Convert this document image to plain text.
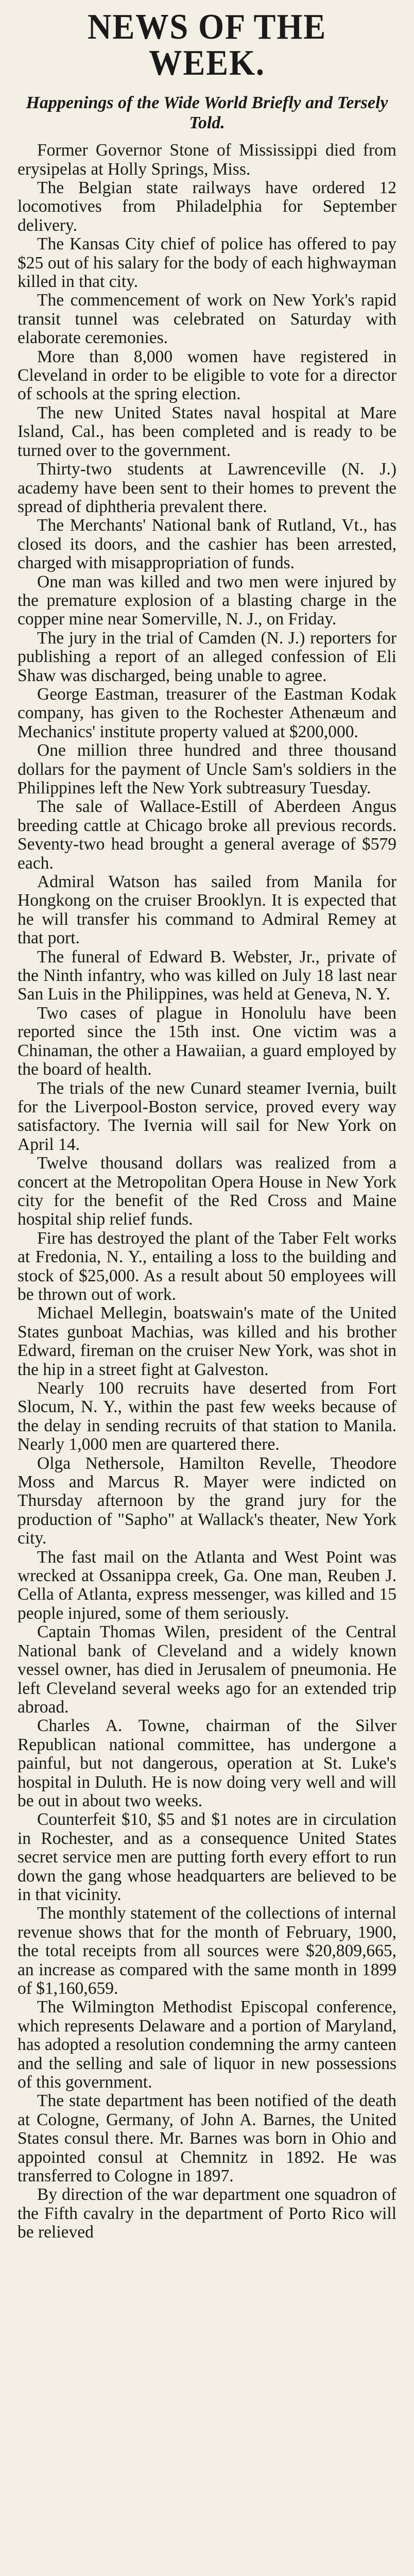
NEWS OF THE WEEK.
Happenings of the Wide World Briefly and Tersely Told.

Former Governor Stone of Mississippi died from erysipelas at Holly Springs, Miss.

The Belgian state railways have ordered 12 locomotives from Philadelphia for September delivery.

The Kansas City chief of police has offered to pay $25 out of his salary for the body of each highwayman killed in that city.

The commencement of work on New York's rapid transit tunnel was celebrated on Saturday with elaborate ceremonies.

More than 8,000 women have registered in Cleveland in order to be eligible to vote for a director of schools at the spring election.

The new United States naval hospital at Mare Island, Cal., has been completed and is ready to be turned over to the government.

Thirty-two students at Lawrenceville (N. J.) academy have been sent to their homes to prevent the spread of diphtheria prevalent there.

The Merchants' National bank of Rutland, Vt., has closed its doors, and the cashier has been arrested, charged with misappropriation of funds.

One man was killed and two men were injured by the premature explosion of a blasting charge in the copper mine near Somerville, N. J., on Friday.

The jury in the trial of Camden (N. J.) reporters for publishing a report of an alleged confession of Eli Shaw was discharged, being unable to agree.

George Eastman, treasurer of the Eastman Kodak company, has given to the Rochester Athenæum and Mechanics' institute property valued at $200,000.

One million three hundred and three thousand dollars for the payment of Uncle Sam's soldiers in the Philippines left the New York subtreasury Tuesday.

The sale of Wallace-Estill of Aberdeen Angus breeding cattle at Chicago broke all previous records. Seventy-two head brought a general average of $579 each.

Admiral Watson has sailed from Manila for Hongkong on the cruiser Brooklyn. It is expected that he will transfer his command to Admiral Remey at that port.

The funeral of Edward B. Webster, Jr., private of the Ninth infantry, who was killed on July 18 last near San Luis in the Philippines, was held at Geneva, N. Y.

Two cases of plague in Honolulu have been reported since the 15th inst. One victim was a Chinaman, the other a Hawaiian, a guard employed by the board of health.

The trials of the new Cunard steamer Ivernia, built for the Liverpool-Boston service, proved every way satisfactory. The Ivernia will sail for New York on April 14.

Twelve thousand dollars was realized from a concert at the Metropolitan Opera House in New York city for the benefit of the Red Cross and Maine hospital ship relief funds.

Fire has destroyed the plant of the Taber Felt works at Fredonia, N. Y., entailing a loss to the building and stock of $25,000. As a result about 50 employees will be thrown out of work.

Michael Mellegin, boatswain's mate of the United States gunboat Machias, was killed and his brother Edward, fireman on the cruiser New York, was shot in the hip in a street fight at Galveston.

Nearly 100 recruits have deserted from Fort Slocum, N. Y., within the past few weeks because of the delay in sending recruits of that station to Manila. Nearly 1,000 men are quartered there.

Olga Nethersole, Hamilton Revelle, Theodore Moss and Marcus R. Mayer were indicted on Thursday afternoon by the grand jury for the production of "Sapho" at Wallack's theater, New York city.

The fast mail on the Atlanta and West Point was wrecked at Ossanippa creek, Ga. One man, Reuben J. Cella of Atlanta, express messenger, was killed and 15 people injured, some of them seriously.

Captain Thomas Wilen, president of the Central National bank of Cleveland and a widely known vessel owner, has died in Jerusalem of pneumonia. He left Cleveland several weeks ago for an extended trip abroad.

Charles A. Towne, chairman of the Silver Republican national committee, has undergone a painful, but not dangerous, operation at St. Luke's hospital in Duluth. He is now doing very well and will be out in about two weeks.

Counterfeit $10, $5 and $1 notes are in circulation in Rochester, and as a consequence United States secret service men are putting forth every effort to run down the gang whose headquarters are believed to be in that vicinity.

The monthly statement of the collections of internal revenue shows that for the month of February, 1900, the total receipts from all sources were $20,809,665, an increase as compared with the same month in 1899 of $1,160,659.

The Wilmington Methodist Episcopal conference, which represents Delaware and a portion of Maryland, has adopted a resolution condemning the army canteen and the selling and sale of liquor in new possessions of this government.

The state department has been notified of the death at Cologne, Germany, of John A. Barnes, the United States consul there. Mr. Barnes was born in Ohio and appointed consul at Chemnitz in 1892. He was transferred to Cologne in 1897.

By direction of the war department one squadron of the Fifth cavalry in the department of Porto Rico will be relieved
